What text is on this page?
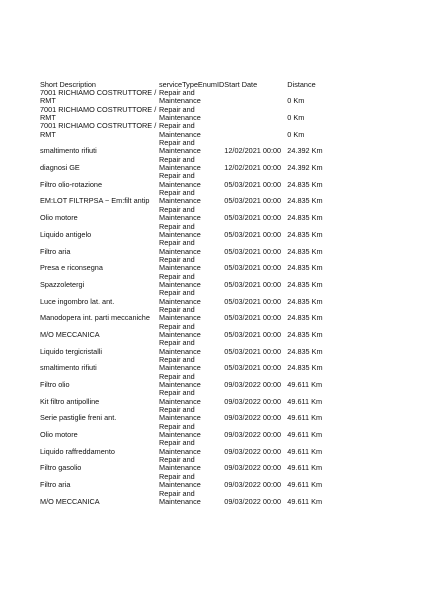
Short Description	serviceTypeEnumID	Start Date	Distance
7001 RICHIAMO COSTRUTTORE / RMT	Repair and Maintenance		0 Km
7001 RICHIAMO COSTRUTTORE / RMT	Repair and Maintenance		0 Km
7001 RICHIAMO COSTRUTTORE / RMT	Repair and Maintenance		0 Km
smaltimento rifiuti	Repair and Maintenance	12/02/2021 00:00	24.392 Km
diagnosi GE	Repair and Maintenance	12/02/2021 00:00	24.392 Km
Filtro olio-rotazione	Repair and Maintenance	05/03/2021 00:00	24.835 Km
EM:LOT FILTRPSA ~ Em:filt antip	Repair and Maintenance	05/03/2021 00:00	24.835 Km
Olio motore	Repair and Maintenance	05/03/2021 00:00	24.835 Km
Liquido antigelo	Repair and Maintenance	05/03/2021 00:00	24.835 Km
Filtro aria	Repair and Maintenance	05/03/2021 00:00	24.835 Km
Presa e riconsegna	Repair and Maintenance	05/03/2021 00:00	24.835 Km
Spazzoletergi	Repair and Maintenance	05/03/2021 00:00	24.835 Km
Luce ingombro lat. ant.	Repair and Maintenance	05/03/2021 00:00	24.835 Km
Manodopera int. parti meccaniche	Repair and Maintenance	05/03/2021 00:00	24.835 Km
M/O MECCANICA	Repair and Maintenance	05/03/2021 00:00	24.835 Km
Liquido tergicristalli	Repair and Maintenance	05/03/2021 00:00	24.835 Km
smaltimento rifiuti	Repair and Maintenance	05/03/2021 00:00	24.835 Km
Filtro olio	Repair and Maintenance	09/03/2022 00:00	49.611 Km
Kit filtro antipolline	Repair and Maintenance	09/03/2022 00:00	49.611 Km
Serie pastiglie freni ant.	Repair and Maintenance	09/03/2022 00:00	49.611 Km
Olio motore	Repair and Maintenance	09/03/2022 00:00	49.611 Km
Liquido raffreddamento	Repair and Maintenance	09/03/2022 00:00	49.611 Km
Filtro gasolio	Repair and Maintenance	09/03/2022 00:00	49.611 Km
Filtro aria	Repair and Maintenance	09/03/2022 00:00	49.611 Km
M/O MECCANICA	Repair and Maintenance	09/03/2022 00:00	49.611 Km
